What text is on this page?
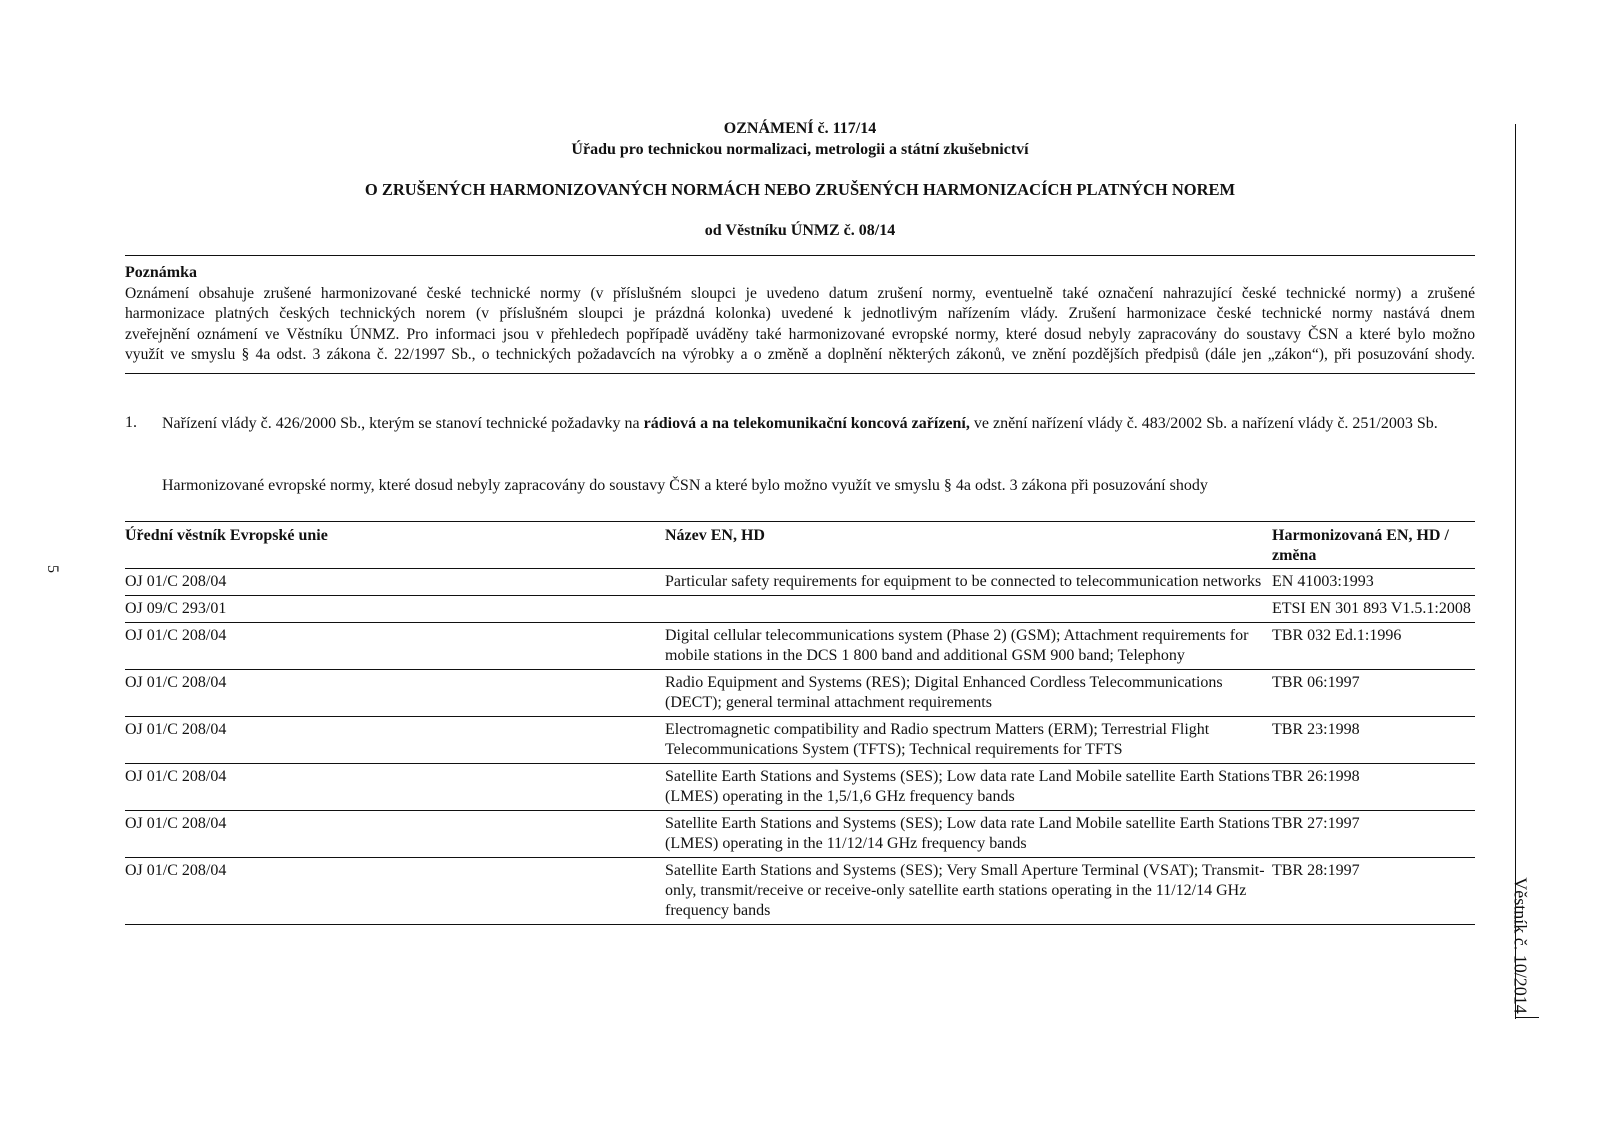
OZNÁMENÍ č. 117/14
Úřadu pro technickou normalizaci, metrologii a státní zkušebnictví
O ZRUŠENÝCH HARMONIZOVANÝCH NORMÁCH NEBO ZRUŠENÝCH HARMONIZACÍCH PLATNÝCH NOREM
od Věstníku ÚNMZ č. 08/14
Poznámka
Oznámení obsahuje zrušené harmonizované české technické normy (v příslušném sloupci je uvedeno datum zrušení normy, eventuelně také označení nahrazující české technické normy) a zrušené
harmonizace platných českých technických norem (v příslušném sloupci je prázdná kolonka) uvedené k jednotlivým nařízením vlády. Zrušení harmonizace české technické normy nastává dnem
zveřejnění oznámení ve Věstníku ÚNMZ. Pro informaci jsou v přehledech popřípadě uváděny také harmonizované evropské normy, které dosud nebyly zapracovány do soustavy ČSN a které bylo možno
využít ve smyslu § 4a odst. 3 zákona č. 22/1997 Sb., o technických požadavcích na výrobky a o změně a doplnění některých zákonů, ve znění pozdějších předpisů (dále jen „zákon“), při posuzování shody.
1. Nařízení vlády č. 426/2000 Sb., kterým se stanoví technické požadavky na rádiová a na telekomunikační koncová zařízení, ve znění nařízení vlády č. 483/2002 Sb. a nařízení vlády č. 251/2003 Sb.
Harmonizované evropské normy, které dosud nebyly zapracovány do soustavy ČSN a které bylo možno využít ve smyslu § 4a odst. 3 zákona při posuzování shody
Úřední věstník Evropské unie	Název EN, HD	Harmonizovaná EN, HD / změna
OJ 01/C 208/04	Particular safety requirements for equipment to be connected to telecommunication networks	EN 41003:1993
OJ 09/C 293/01		ETSI EN 301 893 V1.5.1:2008
OJ 01/C 208/04	Digital cellular telecommunications system (Phase 2) (GSM); Attachment requirements for mobile stations in the DCS 1 800 band and additional GSM 900 band; Telephony	TBR 032 Ed.1:1996
OJ 01/C 208/04	Radio Equipment and Systems (RES); Digital Enhanced Cordless Telecommunications (DECT); general terminal attachment requirements	TBR 06:1997
OJ 01/C 208/04	Electromagnetic compatibility and Radio spectrum Matters (ERM); Terrestrial Flight Telecommunications System (TFTS); Technical requirements for TFTS	TBR 23:1998
OJ 01/C 208/04	Satellite Earth Stations and Systems (SES); Low data rate Land Mobile satellite Earth Stations (LMES) operating in the 1,5/1,6 GHz frequency bands	TBR 26:1998
OJ 01/C 208/04	Satellite Earth Stations and Systems (SES); Low data rate Land Mobile satellite Earth Stations (LMES) operating in the 11/12/14 GHz frequency bands	TBR 27:1997
OJ 01/C 208/04	Satellite Earth Stations and Systems (SES); Very Small Aperture Terminal (VSAT); Transmit-only, transmit/receive or receive-only satellite earth stations operating in the 11/12/14 GHz frequency bands	TBR 28:1997
5
Věstník č. 10/2014
